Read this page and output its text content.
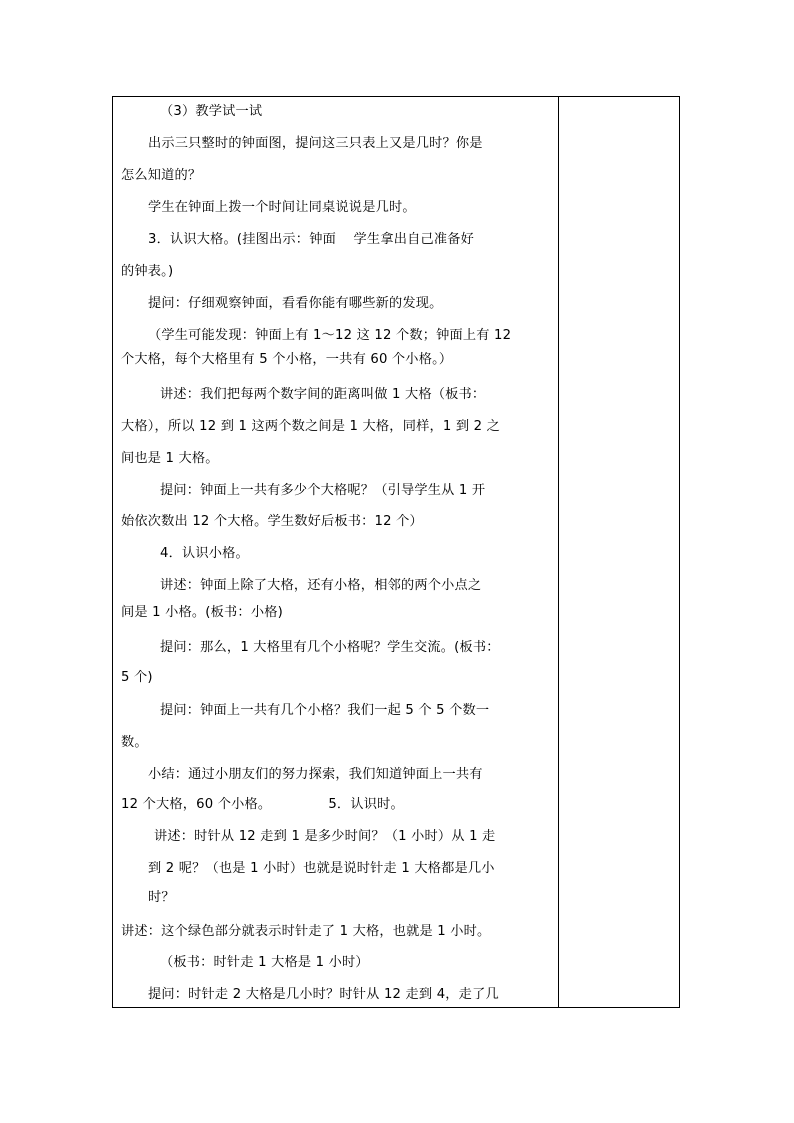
（3）教学试一试
出示三只整时的钟面图，提问这三只表上又是几时？你是
怎么知道的？
学生在钟面上拨一个时间让同桌说说是几时。
3．认识大格。(挂图出示：钟面    学生拿出自己准备好
的钟表。)
提问：仔细观察钟面，看看你能有哪些新的发现。
（学生可能发现：钟面上有 1～12 这 12 个数；钟面上有 12
个大格，每个大格里有 5 个小格，一共有 60 个小格。）
讲述：我们把每两个数字间的距离叫做 1 大格（板书：
大格），所以 12 到 1 这两个数之间是 1 大格，同样，1 到 2 之
间也是 1 大格。
提问：钟面上一共有多少个大格呢？（引导学生从 1 开
始依次数出 12 个大格。学生数好后板书：12 个）
4．认识小格。
讲述：钟面上除了大格，还有小格，相邻的两个小点之
间是 1 小格。(板书：小格)
提问：那么，1 大格里有几个小格呢？学生交流。(板书：
5 个)
提问：钟面上一共有几个小格？我们一起 5 个 5 个数一
数。
小结：通过小朋友们的努力探索，我们知道钟面上一共有
12 个大格，60 个小格。             5．认识时。
讲述：时针从 12 走到 1 是多少时间？（1 小时）从 1 走
到 2 呢？（也是 1 小时）也就是说时针走 1 大格都是几小
时？
讲述：这个绿色部分就表示时针走了 1 大格，也就是 1 小时。
（板书：时针走 1 大格是 1 小时）
提问：时针走 2 大格是几小时？时针从 12 走到 4，走了几
